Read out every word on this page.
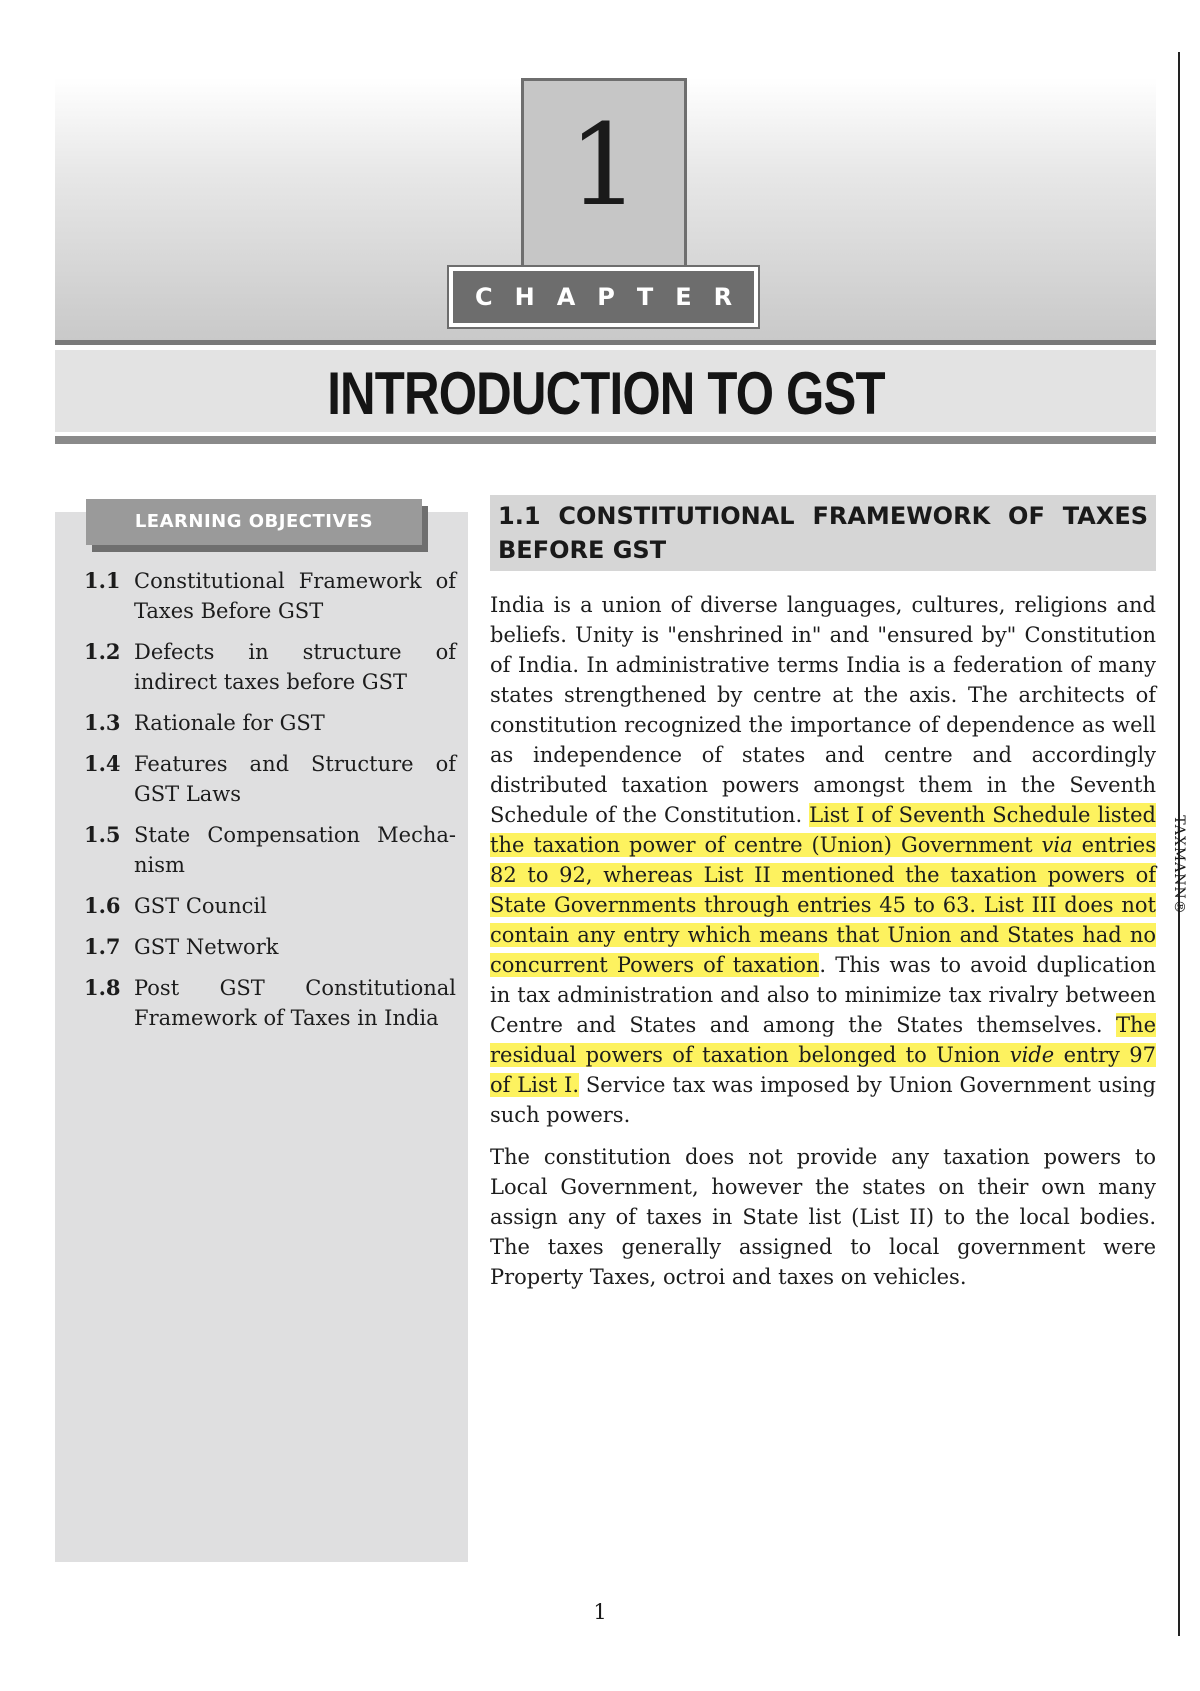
TAXMANN®
1
CHAPTER
INTRODUCTION TO GST
LEARNING OBJECTIVES
1.1 Constitutional Framework of Taxes Before GST
1.2 Defects in structure of indirect taxes before GST
1.3 Rationale for GST
1.4 Features and Structure of GST Laws
1.5 State Compensation Mecha-nism
1.6 GST Council
1.7 GST Network
1.8 Post GST Constitutional Framework of Taxes in India
1.1 CONSTITUTIONAL FRAMEWORK OF TAXES BEFORE GST

India is a union of diverse languages, cultures, religions and beliefs. Unity is "enshrined in" and "ensured by" Constitution of India. In administrative terms India is a federation of many states strengthened by centre at the axis. The architects of constitution recognized the importance of dependence as well as independence of states and centre and accordingly distributed taxation powers amongst them in the Seventh Schedule of the Constitution. List I of Seventh Schedule listed the taxation power of centre (Union) Government via entries 82 to 92, whereas List II mentioned the taxation powers of State Governments through entries 45 to 63. List III does not contain any entry which means that Union and States had no concurrent Powers of taxation. This was to avoid duplication in tax administration and also to minimize tax rivalry between Centre and States and among the States themselves. The residual powers of taxation belonged to Union vide entry 97 of List I. Service tax was imposed by Union Government using such powers.

The constitution does not provide any taxation powers to Local Government, however the states on their own many assign any of taxes in State list (List II) to the local bodies. The taxes generally assigned to local government were Property Taxes, octroi and taxes on vehicles.

1
